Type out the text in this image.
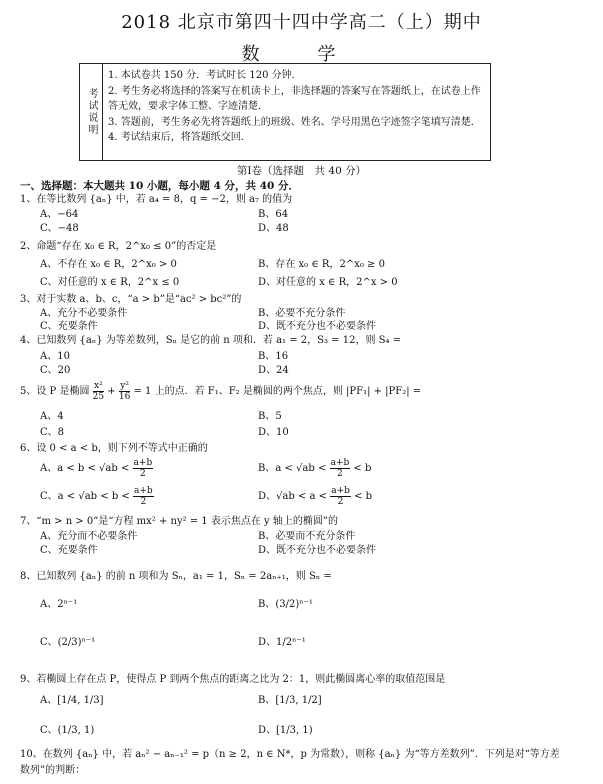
2018 北京市第四十四中学高二（上）期中
数 学
考试说明
1. 本试卷共 150 分．考试时长 120 分钟．
2. 考生务必将选择的答案写在机读卡上，非选择题的答案写在答题纸上，在试卷上作答无效，要求字体工整、字迹清楚．
3. 答题前，考生务必先将答题纸上的班级、姓名、学号用黑色字迹签字笔填写清楚．
4. 考试结束后，将答题纸交回．
第Ⅰ卷（选择题　共 40 分）
一、选择题：本大题共 10 小题，每小题 4 分，共 40 分．
1、在等比数列 {aₙ} 中，若 a₄ = 8，q = −2，则 a₇ 的值为
A、−64	B、64
C、−48	D、48
2、命题“存在 x₀ ∈ R，2^x₀ ≤ 0”的否定是
A、不存在 x₀ ∈ R，2^x₀ > 0	B、存在 x₀ ∈ R，2^x₀ ≥ 0
C、对任意的 x ∈ R，2^x ≤ 0	D、对任意的 x ∈ R，2^x > 0
3、对于实数 a、b、c，“a > b”是“ac² > bc²”的
A、充分不必要条件	B、必要不充分条件
C、充要条件	D、既不充分也不必要条件
4、已知数列 {aₙ} 为等差数列，Sₙ 是它的前 n 项和．若 a₁ = 2，S₃ = 12，则 S₄ =
A、10	B、16
C、20	D、24
5、设 P 是椭圆 $\frac{\text{x²}}{25} + \frac{\text{y²}}{16} = 1$ 上的点．若 F₁、F₂ 是椭圆的两个焦点，则 |PF₁| + |PF₂| =
A、4	B、5
C、8	D、10
6、设 0 < a < b，则下列不等式中正确的
A、$a < b < √ab < \frac{a+b}{2}$	B、$a < √ab < \frac{a+b}{2} < b$
C、$a < √ab < b < \frac{a+b}{2}$	D、$√ab < a < \frac{a+b}{2} < b$
7、“m > n > 0”是“方程 mx² + ny² = 1 表示焦点在 y 轴上的椭圆”的
A、充分而不必要条件	B、必要而不充分条件
C、充要条件	D、既不充分也不必要条件
8、已知数列 {aₙ} 的前 n 项和为 Sₙ，a₁ = 1，Sₙ = 2aₙ₊₁，则 Sₙ =
A、2ⁿ⁻¹	B、(3/2)ⁿ⁻¹
C、(2/3)ⁿ⁻¹	D、1/2ⁿ⁻¹
9、若椭圆上存在点 P，使得点 P 到两个焦点的距离之比为 2：1，则此椭圆离心率的取值范围是
A、[1/4, 1/3]	B、[1/3, 1/2]
C、(1/3, 1)	D、[1/3, 1)
10、在数列 {aₙ} 中，若 aₙ² − aₙ₋₁² = p（n ≥ 2，n ∈ N*，p 为常数），则称 {aₙ} 为“等方差数列”．下列是对“等方差
数列”的判断：
